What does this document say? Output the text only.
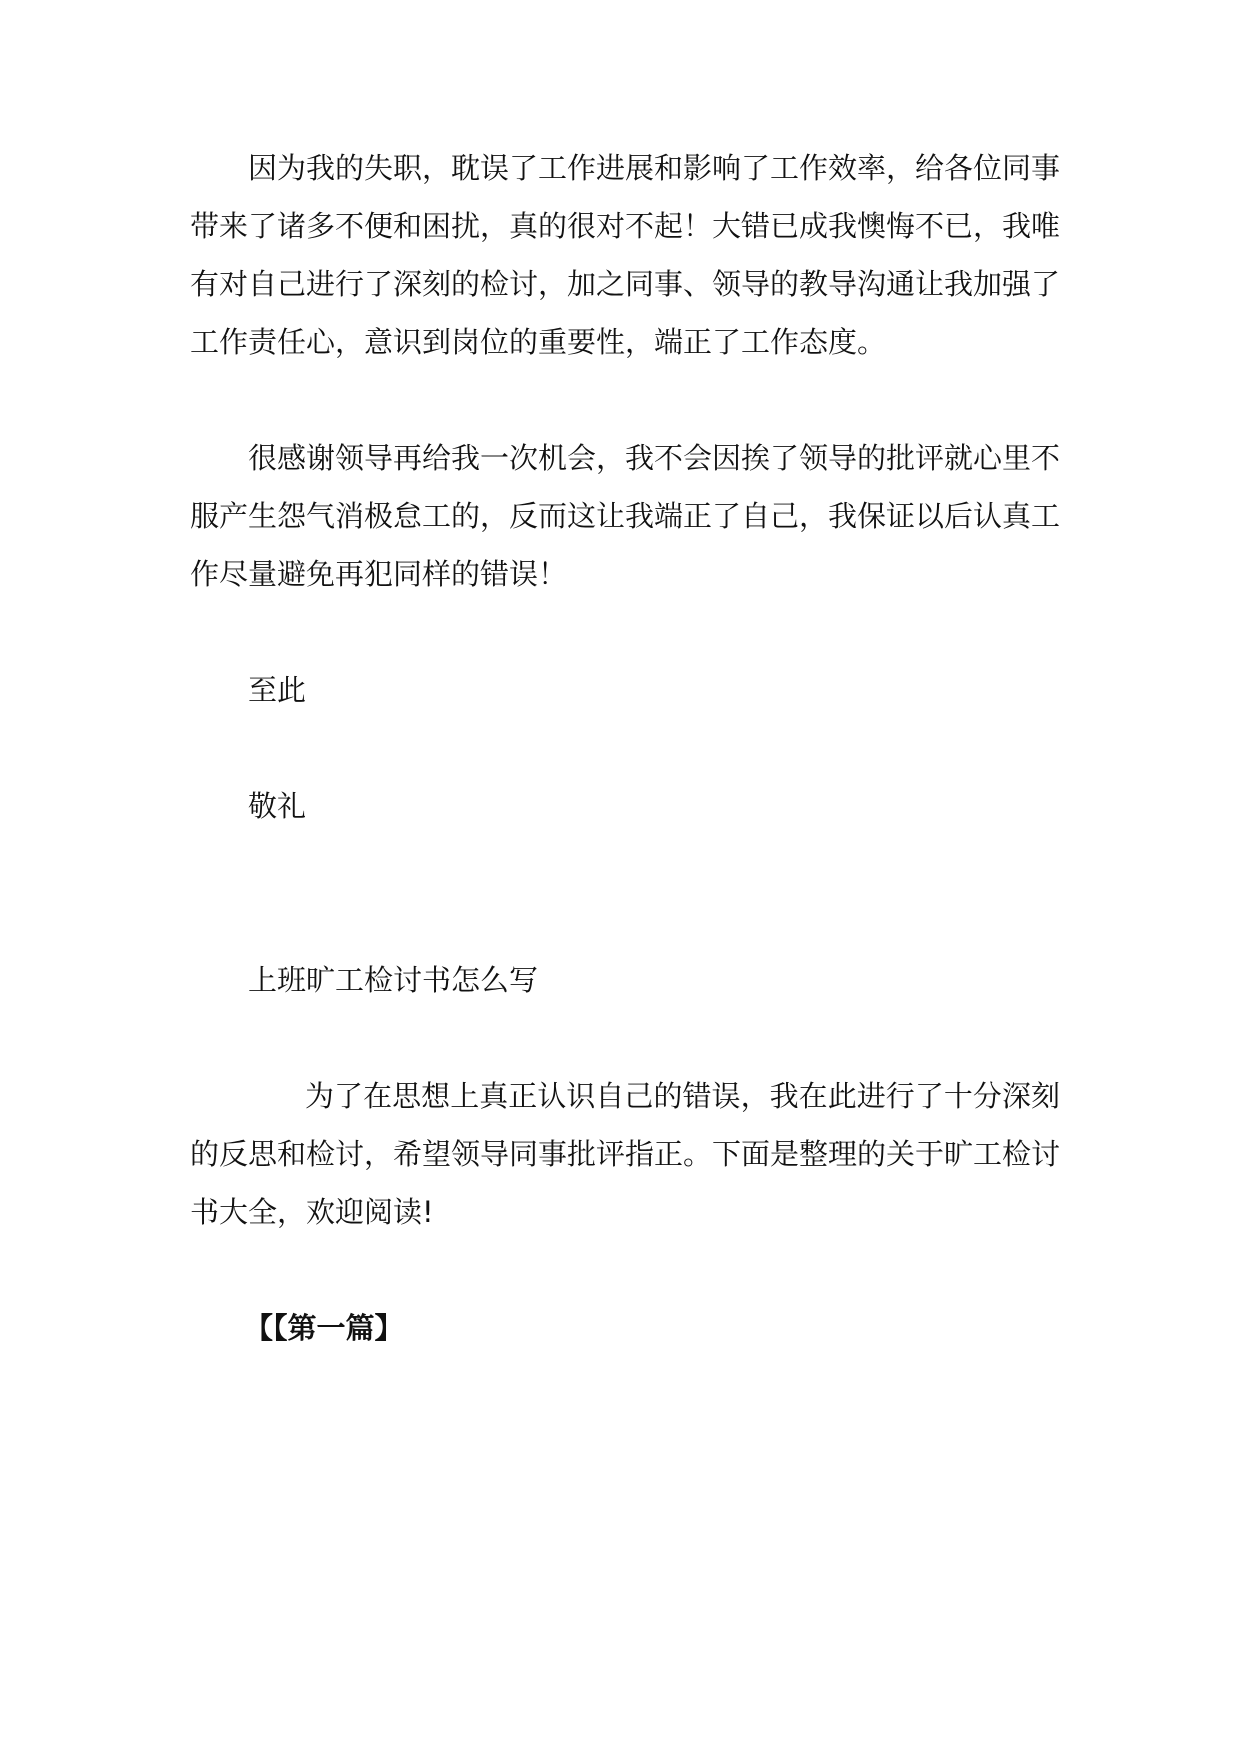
因为我的失职，耽误了工作进展和影响了工作效率，给各位同事
带来了诸多不便和困扰，真的很对不起！大错已成我懊悔不已，我唯
有对自己进行了深刻的检讨，加之同事、领导的教导沟通让我加强了
工作责任心，意识到岗位的重要性，端正了工作态度。
很感谢领导再给我一次机会，我不会因挨了领导的批评就心里不
服产生怨气消极怠工的，反而这让我端正了自己，我保证以后认真工
作尽量避免再犯同样的错误！
至此
敬礼
上班旷工检讨书怎么写
为了在思想上真正认识自己的错误，我在此进行了十分深刻
的反思和检讨，希望领导同事批评指正。下面是整理的关于旷工检讨
书大全，欢迎阅读!
【【第一篇】
